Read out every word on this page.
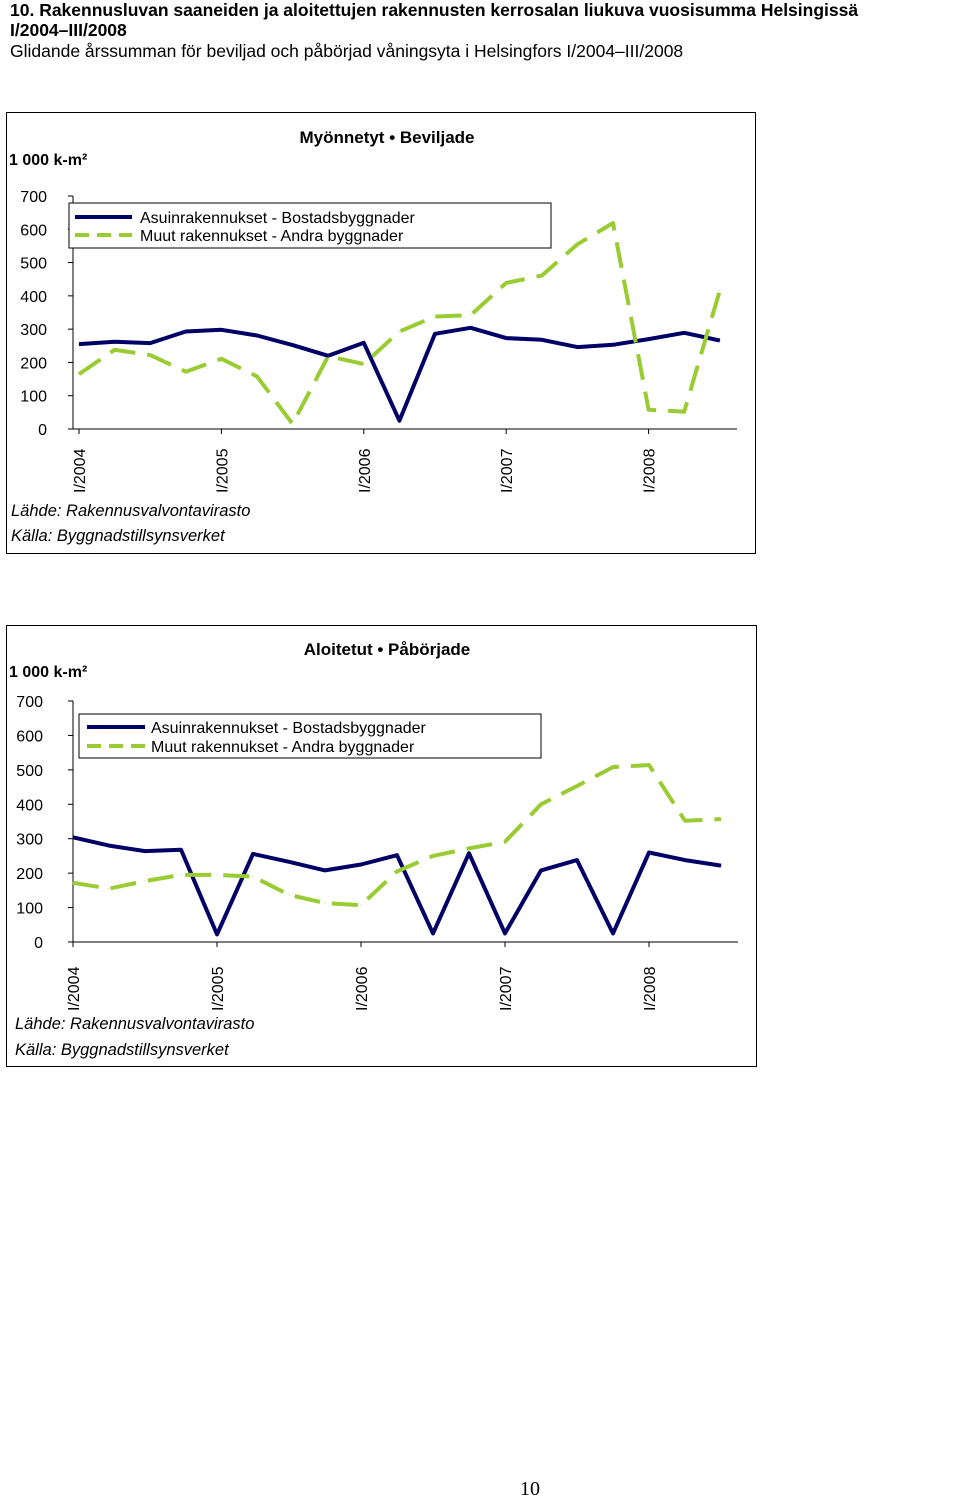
10. Rakennusluvan saaneiden ja aloitettujen rakennusten kerrosalan liukuva vuosisumma Helsingissä

I/2004–III/2008

Glidande årssumman för beviljad och påbörjad våningsyta i Helsingfors I/2004–III/2008

Myönnetyt • Beviljade
1 000 k-m²
0
100
200
300
400
500
600
700
I/2004	I/2005	I/2006	I/2007	I/2008
Asuinrakennukset - Bostadsbyggnader
Muut rakennukset - Andra byggnader
Lähde: Rakennusvalvontavirasto
Källa: Byggnadstillsynsverket
Aloitetut • Påbörjade
1 000 k-m²
0
100
200
300
400
500
600
700
I/2004	I/2005	I/2006	I/2007	I/2008
Asuinrakennukset - Bostadsbyggnader
Muut rakennukset - Andra byggnader
Lähde: Rakennusvalvontavirasto
Källa: Byggnadstillsynsverket
10
